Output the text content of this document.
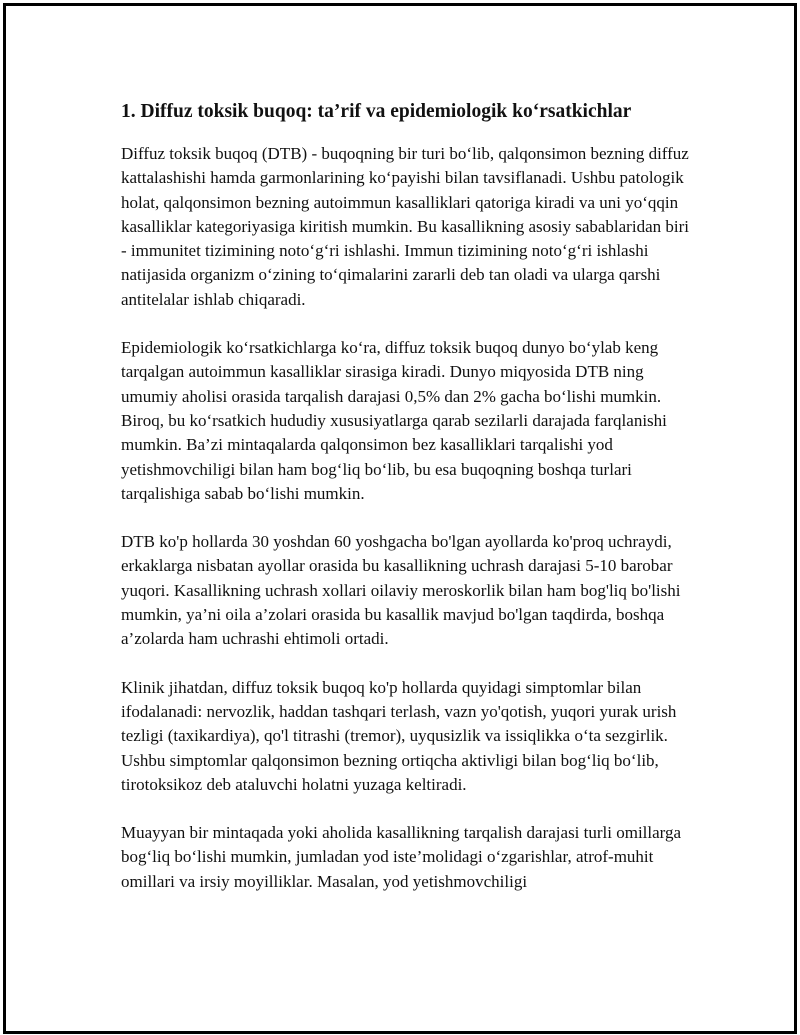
1. Diffuz toksik buqoq: ta’rif va epidemiologik ko‘rsatkichlar

Diffuz toksik buqoq (DTB) - buqoqning bir turi bo‘lib, qalqonsimon bezning diffuz kattalashishi hamda garmonlarining ko‘payishi bilan tavsiflanadi. Ushbu patologik holat, qalqonsimon bezning autoimmun kasalliklari qatoriga kiradi va uni yo‘qqin kasalliklar kategoriyasiga kiritish mumkin. Bu kasallikning asosiy sabablaridan biri - immunitet tizimining noto‘g‘ri ishlashi. Immun tizimining noto‘g‘ri ishlashi natijasida organizm o‘zining to‘qimalarini zararli deb tan oladi va ularga qarshi antitelalar ishlab chiqaradi.

Epidemiologik ko‘rsatkichlarga ko‘ra, diffuz toksik buqoq dunyo bo‘ylab keng tarqalgan autoimmun kasalliklar sirasiga kiradi. Dunyo miqyosida DTB ning umumiy aholisi orasida tarqalish darajasi 0,5% dan 2% gacha bo‘lishi mumkin. Biroq, bu ko‘rsatkich hududiy xususiyatlarga qarab sezilarli darajada farqlanishi mumkin. Ba’zi mintaqalarda qalqonsimon bez kasalliklari tarqalishi yod yetishmovchiligi bilan ham bog‘liq bo‘lib, bu esa buqoqning boshqa turlari tarqalishiga sabab bo‘lishi mumkin.

DTB ko'p hollarda 30 yoshdan 60 yoshgacha bo'lgan ayollarda ko'proq uchraydi, erkaklarga nisbatan ayollar orasida bu kasallikning uchrash darajasi 5-10 barobar yuqori. Kasallikning uchrash xollari oilaviy meroskorlik bilan ham bog'liq bo'lishi mumkin, ya’ni oila a’zolari orasida bu kasallik mavjud bo'lgan taqdirda, boshqa a’zolarda ham uchrashi ehtimoli ortadi.

Klinik jihatdan, diffuz toksik buqoq ko'p hollarda quyidagi simptomlar bilan ifodalanadi: nervozlik, haddan tashqari terlash, vazn yo'qotish, yuqori yurak urish tezligi (taxikardiya), qo'l titrashi (tremor), uyqusizlik va issiqlikka o‘ta sezgirlik. Ushbu simptomlar qalqonsimon bezning ortiqcha aktivligi bilan bog‘liq bo‘lib, tirotoksikoz deb ataluvchi holatni yuzaga keltiradi.

Muayyan bir mintaqada yoki aholida kasallikning tarqalish darajasi turli omillarga bog‘liq bo‘lishi mumkin, jumladan yod iste’molidagi o‘zgarishlar, atrof-muhit omillari va irsiy moyilliklar. Masalan, yod yetishmovchiligi
